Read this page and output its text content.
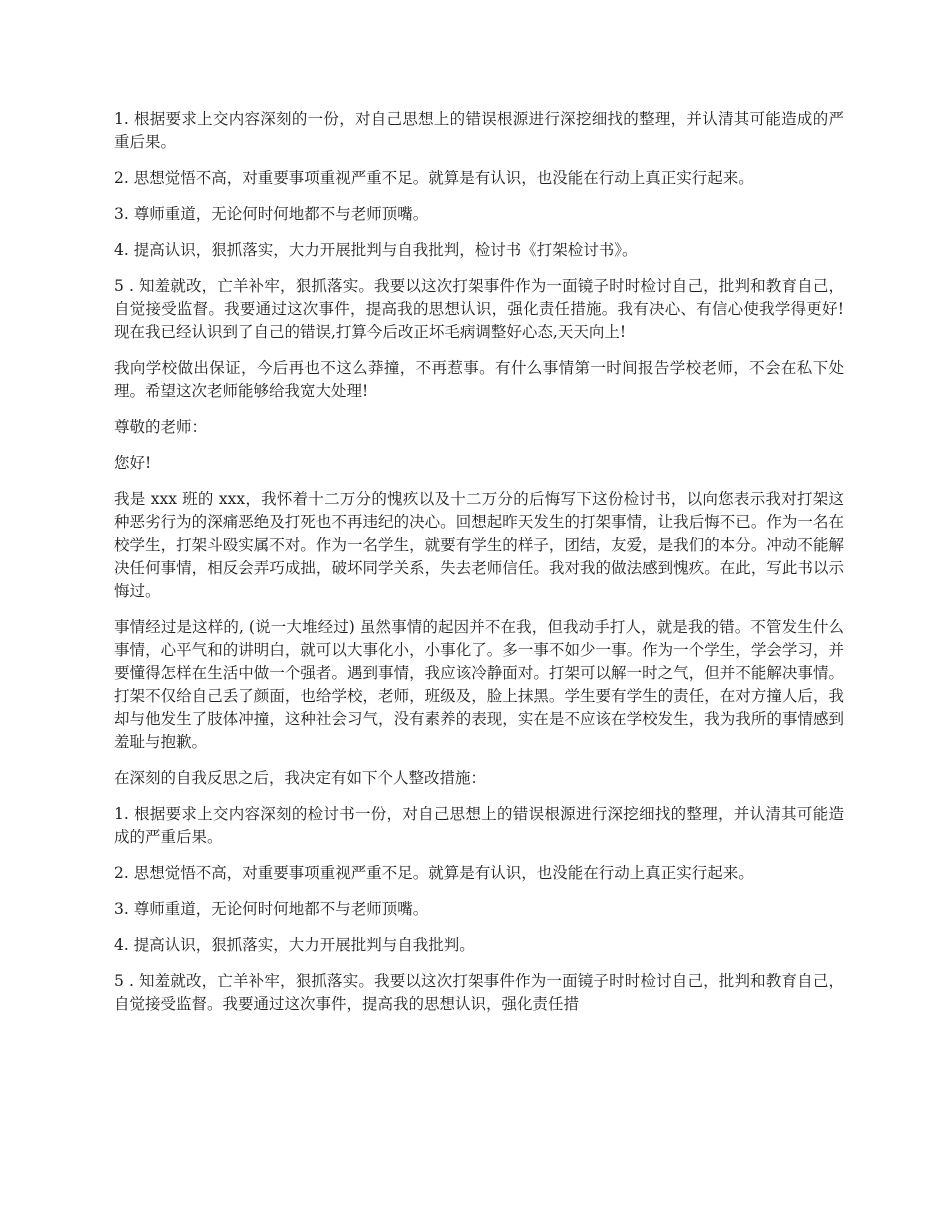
1. 根据要求上交内容深刻的一份，对自己思想上的错误根源进行深挖细找的整理，并认清其可能造成的严重后果。

2. 思想觉悟不高，对重要事项重视严重不足。就算是有认识，也没能在行动上真正实行起来。

3. 尊师重道，无论何时何地都不与老师顶嘴。

4. 提高认识，狠抓落实，大力开展批判与自我批判，检讨书《打架检讨书》。

5 . 知羞就改，亡羊补牢，狠抓落实。我要以这次打架事件作为一面镜子时时检讨自己，批判和教育自己，自觉接受监督。我要通过这次事件，提高我的思想认识，强化责任措施。我有决心、有信心使我学得更好! 现在我已经认识到了自己的错误,打算今后改正坏毛病调整好心态,天天向上!

我向学校做出保证，今后再也不这么莽撞，不再惹事。有什么事情第一时间报告学校老师，不会在私下处理。希望这次老师能够给我宽大处理!

尊敬的老师：

您好!

我是 xxx 班的 xxx，我怀着十二万分的愧疚以及十二万分的后悔写下这份检讨书，以向您表示我对打架这种恶劣行为的深痛恶绝及打死也不再违纪的决心。回想起昨天发生的打架事情，让我后悔不已。作为一名在校学生，打架斗殴实属不对。作为一名学生，就要有学生的样子，团结，友爱，是我们的本分。冲动不能解决任何事情，相反会弄巧成拙，破坏同学关系，失去老师信任。我对我的做法感到愧疚。在此，写此书以示悔过。

事情经过是这样的, (说一大堆经过) 虽然事情的起因并不在我，但我动手打人，就是我的错。不管发生什么事情，心平气和的讲明白，就可以大事化小，小事化了。多一事不如少一事。作为一个学生，学会学习，并要懂得怎样在生活中做一个强者。遇到事情，我应该冷静面对。打架可以解一时之气，但并不能解决事情。打架不仅给自己丢了颜面，也给学校，老师，班级及，脸上抹黑。学生要有学生的责任，在对方撞人后，我却与他发生了肢体冲撞，这种社会习气，没有素养的表现，实在是不应该在学校发生，我为我所的事情感到羞耻与抱歉。

在深刻的自我反思之后，我决定有如下个人整改措施：

1. 根据要求上交内容深刻的检讨书一份，对自己思想上的错误根源进行深挖细找的整理，并认清其可能造成的严重后果。

2. 思想觉悟不高，对重要事项重视严重不足。就算是有认识，也没能在行动上真正实行起来。

3. 尊师重道，无论何时何地都不与老师顶嘴。

4. 提高认识，狠抓落实，大力开展批判与自我批判。

5 . 知羞就改，亡羊补牢，狠抓落实。我要以这次打架事件作为一面镜子时时检讨自己，批判和教育自己，自觉接受监督。我要通过这次事件，提高我的思想认识，强化责任措
